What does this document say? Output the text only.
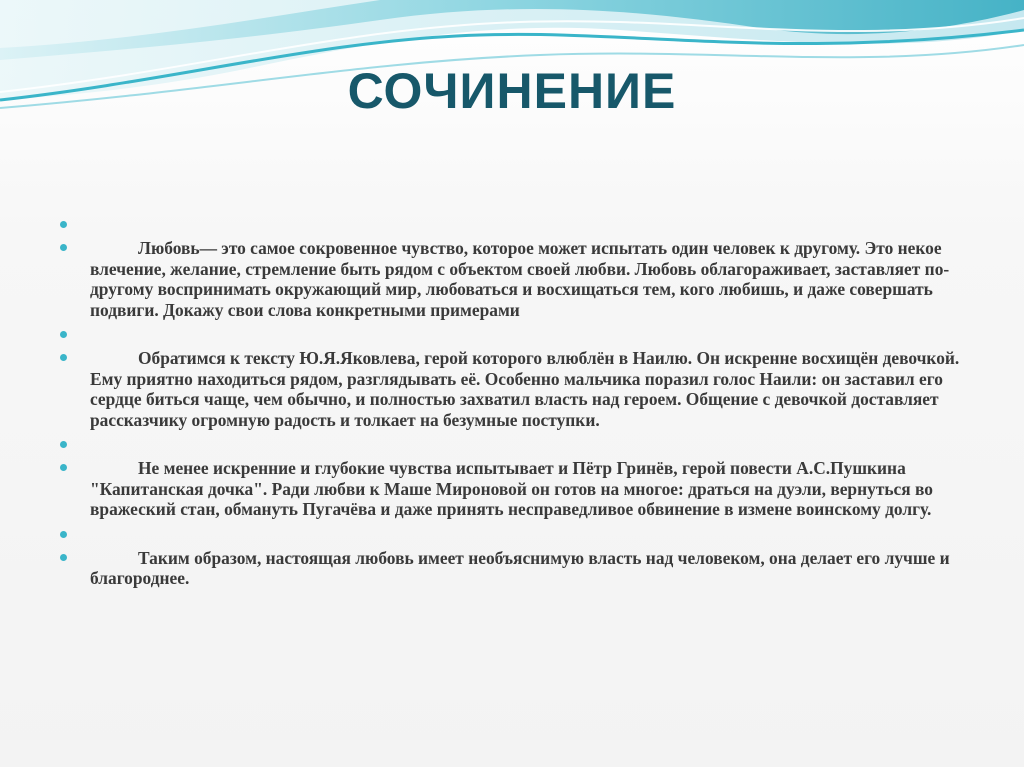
СОЧИНЕНИЕ
Любовь— это самое сокровенное чувство, которое может испытать один человек к другому. Это некое влечение, желание, стремление быть рядом с объектом своей любви. Любовь облагораживает, заставляет по-другому воспринимать окружающий мир, любоваться и восхищаться тем, кого любишь, и даже совершать подвиги. Докажу свои слова конкретными примерами
Обратимся к тексту Ю.Я.Яковлева, герой которого влюблён в Наилю. Он искренне восхищён девочкой. Ему приятно находиться рядом, разглядывать её. Особенно мальчика поразил голос Наили: он заставил его сердце биться чаще, чем обычно, и полностью захватил власть над героем. Общение с девочкой доставляет рассказчику огромную радость и толкает на безумные поступки.
Не менее искренние и глубокие чувства испытывает и Пётр Гринёв, герой повести А.С.Пушкина "Капитанская дочка". Ради любви к Маше Мироновой он готов на многое: драться на дуэли, вернуться во вражеский стан, обмануть Пугачёва и даже принять несправедливое обвинение в измене воинскому долгу.
Таким образом, настоящая любовь имеет необъяснимую власть над человеком, она делает его лучше и благороднее.
